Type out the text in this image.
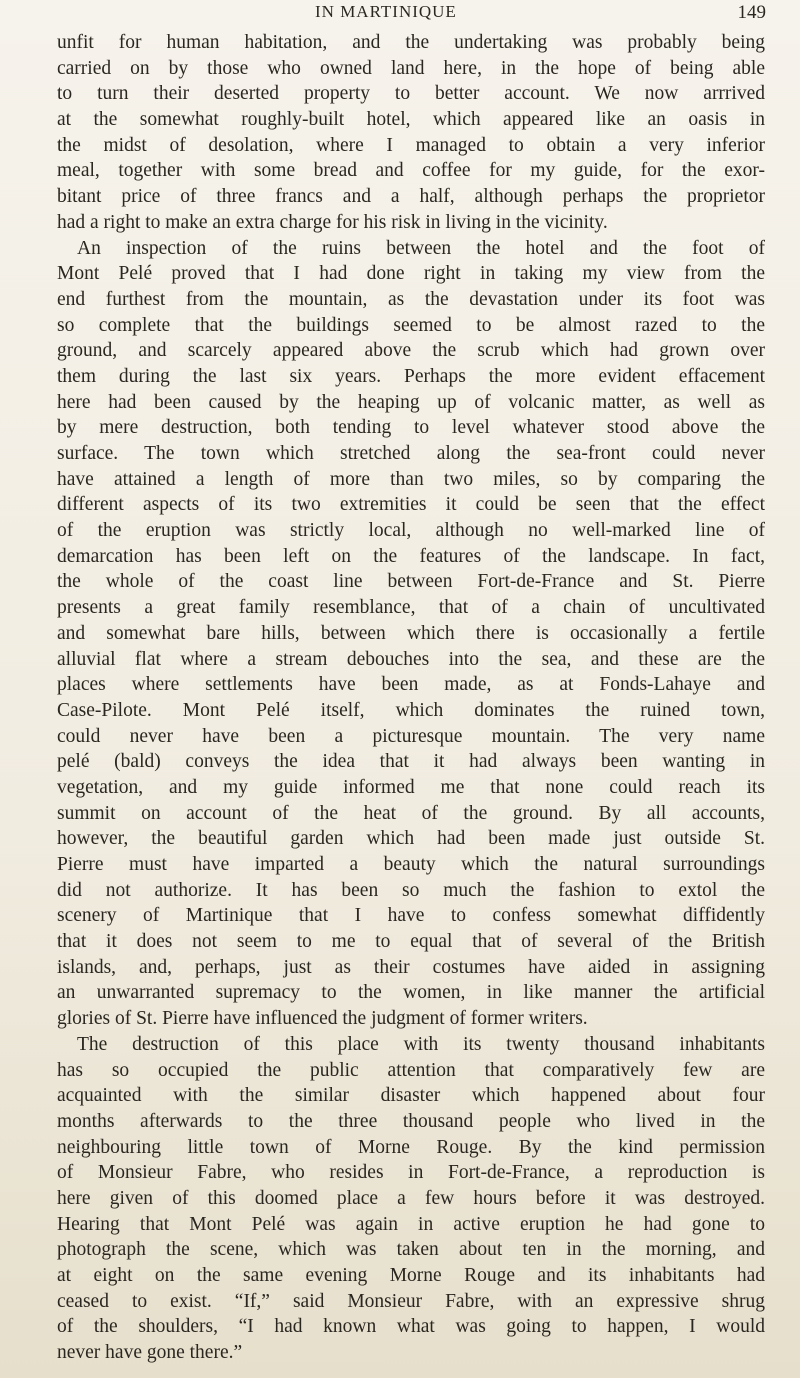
IN MARTINIQUE	149
unfit for human habitation, and the undertaking was probably being
carried on by those who owned land here, in the hope of being able
to turn their deserted property to better account. We now arrrived
at the somewhat roughly-built hotel, which appeared like an oasis in
the midst of desolation, where I managed to obtain a very inferior
meal, together with some bread and coffee for my guide, for the exor-
bitant price of three francs and a half, although perhaps the proprietor
had a right to make an extra charge for his risk in living in the vicinity.
An inspection of the ruins between the hotel and the foot of
Mont Pelé proved that I had done right in taking my view from the
end furthest from the mountain, as the devastation under its foot was
so complete that the buildings seemed to be almost razed to the
ground, and scarcely appeared above the scrub which had grown over
them during the last six years. Perhaps the more evident effacement
here had been caused by the heaping up of volcanic matter, as well as
by mere destruction, both tending to level whatever stood above the
surface. The town which stretched along the sea-front could never
have attained a length of more than two miles, so by comparing the
different aspects of its two extremities it could be seen that the effect
of the eruption was strictly local, although no well-marked line of
demarcation has been left on the features of the landscape. In fact,
the whole of the coast line between Fort-de-France and St. Pierre
presents a great family resemblance, that of a chain of uncultivated
and somewhat bare hills, between which there is occasionally a fertile
alluvial flat where a stream debouches into the sea, and these are the
places where settlements have been made, as at Fonds-Lahaye and
Case-Pilote. Mont Pelé itself, which dominates the ruined town,
could never have been a picturesque mountain. The very name
pelé (bald) conveys the idea that it had always been wanting in
vegetation, and my guide informed me that none could reach its
summit on account of the heat of the ground. By all accounts,
however, the beautiful garden which had been made just outside St.
Pierre must have imparted a beauty which the natural surroundings
did not authorize. It has been so much the fashion to extol the
scenery of Martinique that I have to confess somewhat diffidently
that it does not seem to me to equal that of several of the British
islands, and, perhaps, just as their costumes have aided in assigning
an unwarranted supremacy to the women, in like manner the artificial
glories of St. Pierre have influenced the judgment of former writers.
The destruction of this place with its twenty thousand inhabitants
has so occupied the public attention that comparatively few are
acquainted with the similar disaster which happened about four
months afterwards to the three thousand people who lived in the
neighbouring little town of Morne Rouge. By the kind permission
of Monsieur Fabre, who resides in Fort-de-France, a reproduction is
here given of this doomed place a few hours before it was destroyed.
Hearing that Mont Pelé was again in active eruption he had gone to
photograph the scene, which was taken about ten in the morning, and
at eight on the same evening Morne Rouge and its inhabitants had
ceased to exist. “If,” said Monsieur Fabre, with an expressive shrug
of the shoulders, “I had known what was going to happen, I would
never have gone there.”
